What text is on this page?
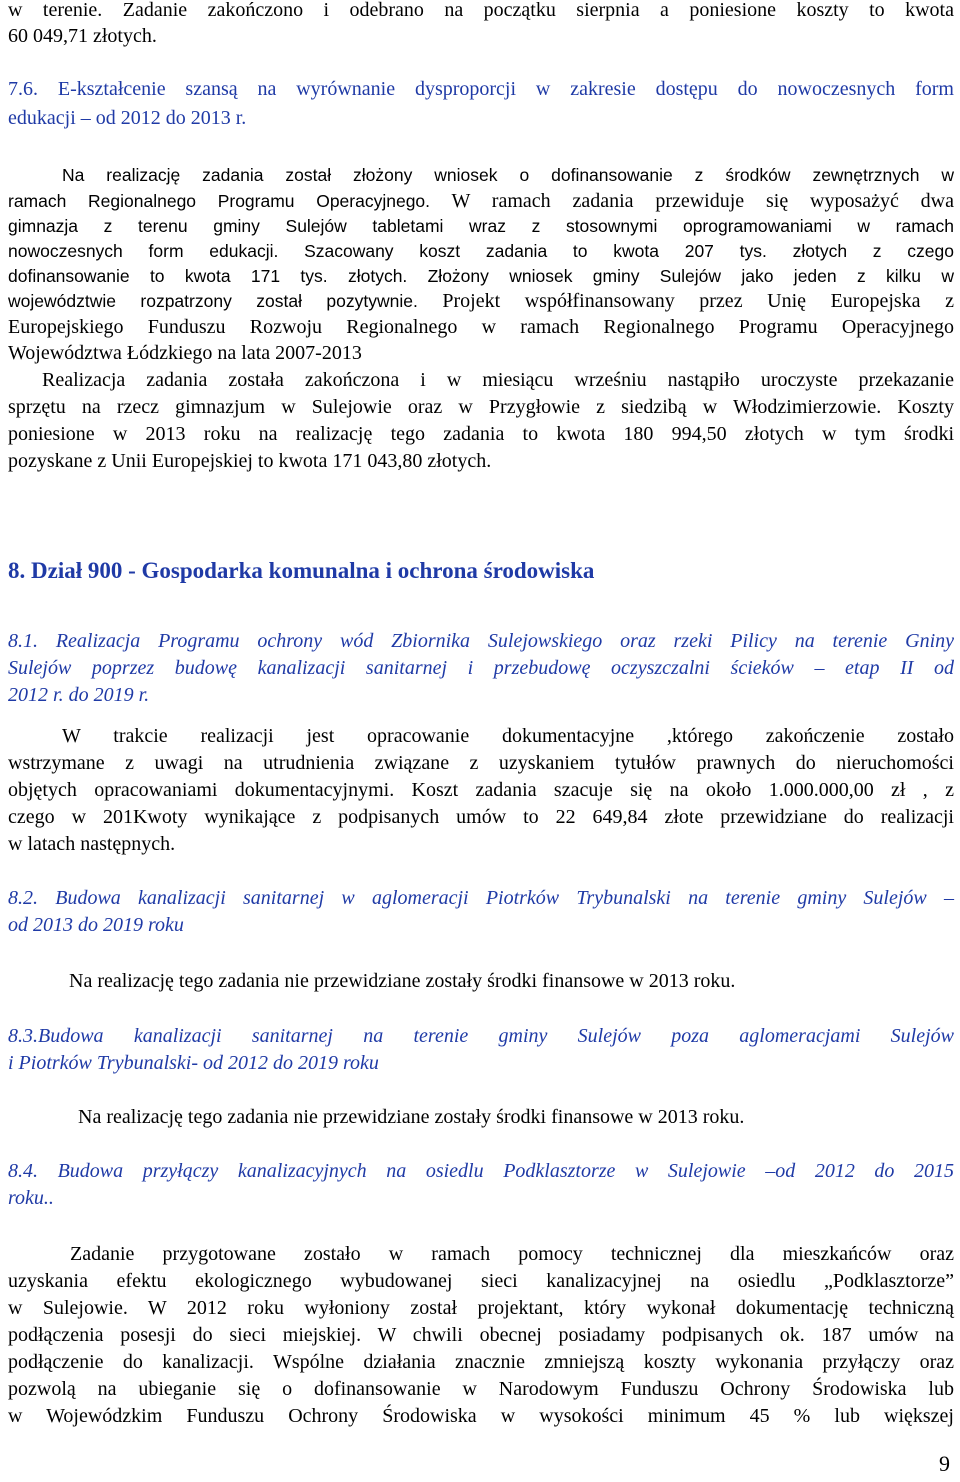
w terenie. Zadanie zakończono i odebrano na początku sierpnia a poniesione koszty to kwota
60 049,71 złotych.
7.6. E-kształcenie szansą na wyrównanie dysproporcji w zakresie dostępu do nowoczesnych form
edukacji – od 2012 do 2013 r.
Na realizację zadania został złożony wniosek o dofinansowanie z środków zewnętrznych w
ramach Regionalnego Programu Operacyjnego. W ramach zadania przewiduje się wyposażyć dwa
gimnazja z terenu gminy Sulejów tabletami wraz z stosownymi oprogramowaniami w ramach
nowoczesnych form edukacji. Szacowany koszt zadania to kwota 207 tys. złotych z czego
dofinansowanie to kwota 171 tys. złotych. Złożony wniosek gminy Sulejów jako jeden z kilku w
województwie rozpatrzony został pozytywnie. Projekt współfinansowany przez Unię Europejska z
Europejskiego Funduszu Rozwoju Regionalnego w ramach Regionalnego Programu Operacyjnego
Województwa Łódzkiego na lata 2007-2013
Realizacja zadania została zakończona i w miesiącu wrześniu nastąpiło uroczyste przekazanie
sprzętu na rzecz gimnazjum w Sulejowie oraz w Przygłowie z siedzibą w Włodzimierzowie. Koszty
poniesione w 2013 roku na realizację tego zadania to kwota 180 994,50 złotych w tym środki
pozyskane z Unii Europejskiej to kwota 171 043,80 złotych.
8. Dział 900 - Gospodarka komunalna i ochrona środowiska
8.1. Realizacja Programu ochrony wód Zbiornika Sulejowskiego oraz rzeki Pilicy na terenie Gniny
Sulejów poprzez budowę kanalizacji sanitarnej i przebudowę oczyszczalni ścieków – etap II od
2012 r. do 2019 r.
W trakcie realizacji jest opracowanie dokumentacyjne ,którego zakończenie zostało
wstrzymane z uwagi na utrudnienia związane z uzyskaniem tytułów prawnych do nieruchomości
objętych opracowaniami dokumentacyjnymi. Koszt zadania szacuje się na około 1.000.000,00 zł , z
czego w 201Kwoty wynikające z podpisanych umów to 22 649,84 złote przewidziane do realizacji
w latach następnych.
8.2. Budowa kanalizacji sanitarnej w aglomeracji Piotrków Trybunalski na terenie gminy Sulejów –
od 2013 do 2019 roku
Na realizację tego zadania nie przewidziane zostały środki finansowe w 2013 roku.
8.3.Budowa kanalizacji sanitarnej na terenie gminy Sulejów poza aglomeracjami Sulejów
i Piotrków Trybunalski- od 2012 do 2019 roku
Na realizację tego zadania nie przewidziane zostały środki finansowe w 2013 roku.
8.4. Budowa przyłączy kanalizacyjnych na osiedlu Podklasztorze w Sulejowie –od 2012 do 2015
roku..
Zadanie przygotowane zostało w ramach pomocy technicznej dla mieszkańców oraz
uzyskania efektu ekologicznego wybudowanej sieci kanalizacyjnej na osiedlu „Podklasztorze”
w Sulejowie. W 2012 roku wyłoniony został projektant, który wykonał dokumentację techniczną
podłączenia posesji do sieci miejskiej. W chwili obecnej posiadamy podpisanych ok. 187 umów na
podłączenie do kanalizacji. Wspólne działania znacznie zmniejszą koszty wykonania przyłączy oraz
pozwolą na ubieganie się o dofinansowanie w Narodowym Funduszu Ochrony Środowiska lub
w Wojewódzkim Funduszu Ochrony Środowiska w wysokości minimum 45 % lub większej
9
